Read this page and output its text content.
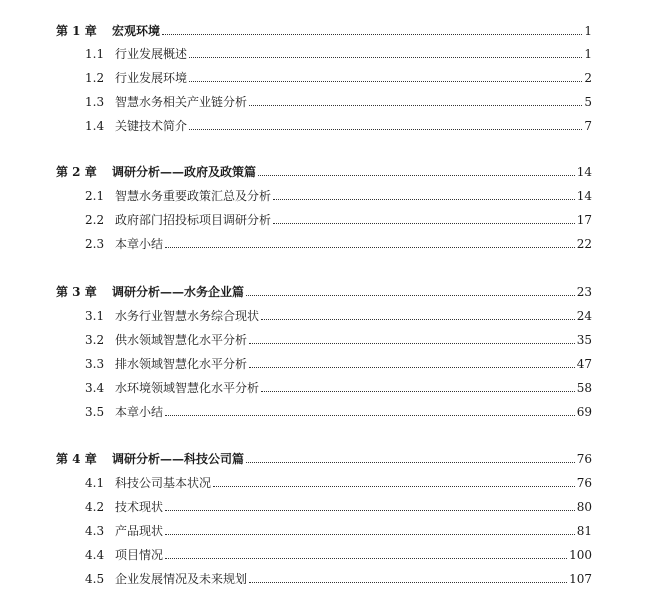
第 1 章	宏观环境	1
1.1 行业发展概述	1
1.2 行业发展环境	2
1.3 智慧水务相关产业链分析	5
1.4 关键技术简介	7
第 2 章	调研分析——政府及政策篇	14
2.1 智慧水务重要政策汇总及分析	14
2.2 政府部门招投标项目调研分析	17
2.3 本章小结	22
第 3 章	调研分析——水务企业篇	23
3.1 水务行业智慧水务综合现状	24
3.2 供水领域智慧化水平分析	35
3.3 排水领域智慧化水平分析	47
3.4 水环境领域智慧化水平分析	58
3.5 本章小结	69
第 4 章	调研分析——科技公司篇	76
4.1 科技公司基本状况	76
4.2 技术现状	80
4.3 产品现状	81
4.4 项目情况	100
4.5 企业发展情况及未来规划	107
